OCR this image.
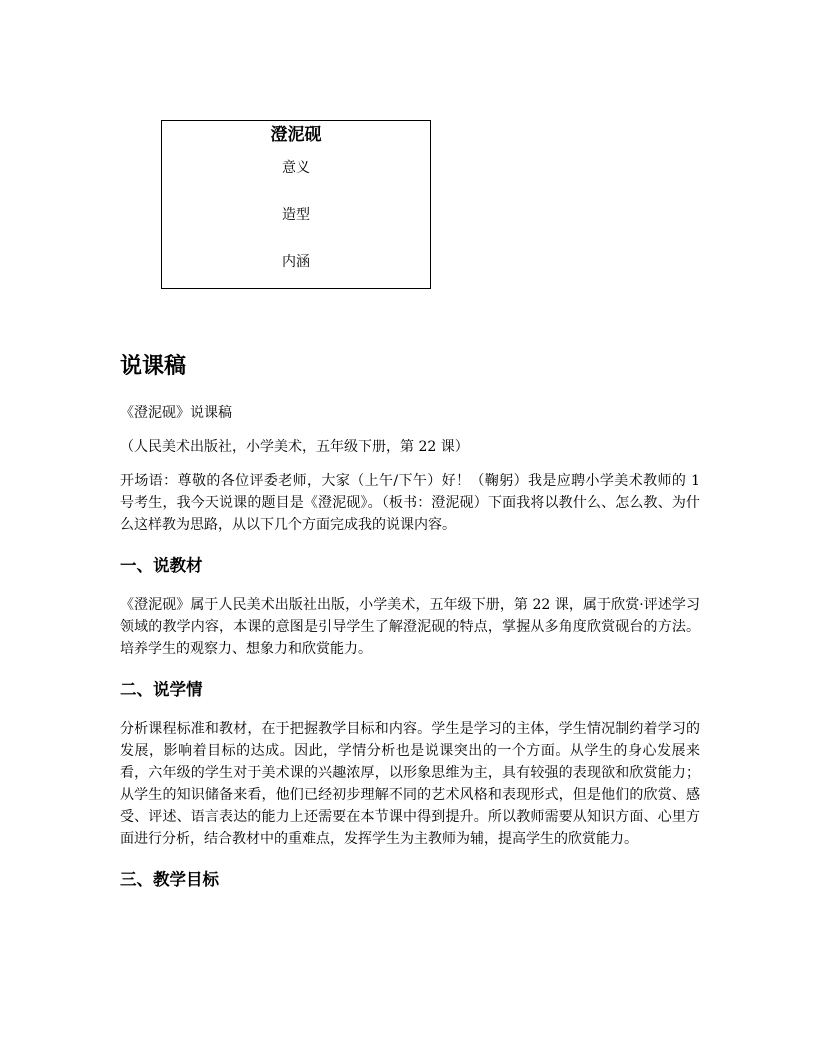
澄泥砚
意义
造型
内涵
说课稿

《澄泥砚》说课稿

（人民美术出版社，小学美术，五年级下册，第 22 课）

开场语：尊敬的各位评委老师，大家（上午/下午）好！（鞠躬）我是应聘小学美术教师的 1 号考生，我今天说课的题目是《澄泥砚》。（板书：澄泥砚）下面我将以教什么、怎么教、为什么这样教为思路，从以下几个方面完成我的说课内容。

一、说教材

《澄泥砚》属于人民美术出版社出版，小学美术，五年级下册，第 22 课，属于欣赏·评述学习领域的教学内容，本课的意图是引导学生了解澄泥砚的特点，掌握从多角度欣赏砚台的方法。培养学生的观察力、想象力和欣赏能力。

二、说学情

分析课程标准和教材，在于把握教学目标和内容。学生是学习的主体，学生情况制约着学习的发展，影响着目标的达成。因此，学情分析也是说课突出的一个方面。从学生的身心发展来看，六年级的学生对于美术课的兴趣浓厚，以形象思维为主，具有较强的表现欲和欣赏能力；从学生的知识储备来看，他们已经初步理解不同的艺术风格和表现形式，但是他们的欣赏、感受、评述、语言表达的能力上还需要在本节课中得到提升。所以教师需要从知识方面、心里方面进行分析，结合教材中的重难点，发挥学生为主教师为辅，提高学生的欣赏能力。

三、教学目标
